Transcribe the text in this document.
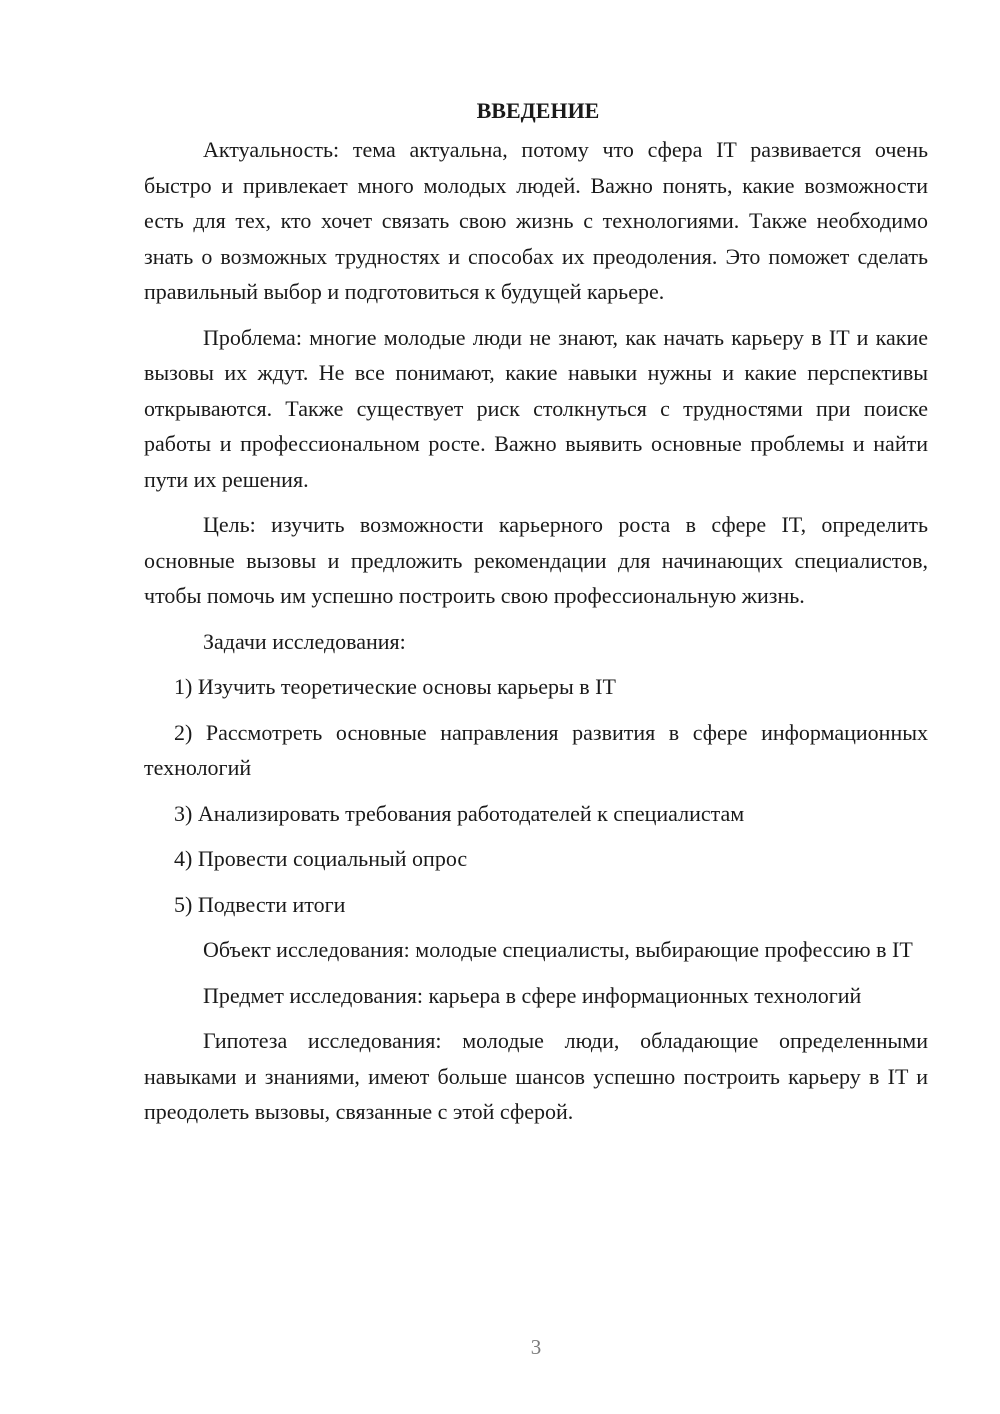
ВВЕДЕНИЕ

Актуальность: тема актуальна, потому что сфера IT развивается очень быстро и привлекает много молодых людей. Важно понять, какие возможности есть для тех, кто хочет связать свою жизнь с технологиями. Также необходимо знать о возможных трудностях и способах их преодоления. Это поможет сделать правильный выбор и подготовиться к будущей карьере.

Проблема: многие молодые люди не знают, как начать карьеру в IT и какие вызовы их ждут. Не все понимают, какие навыки нужны и какие перспективы открываются. Также существует риск столкнуться с трудностями при поиске работы и профессиональном росте. Важно выявить основные проблемы и найти пути их решения.

Цель: изучить возможности карьерного роста в сфере IT, определить основные вызовы и предложить рекомендации для начинающих специалистов, чтобы помочь им успешно построить свою профессиональную жизнь.

Задачи исследования:

1) Изучить теоретические основы карьеры в IT

2) Рассмотреть основные направления развития в сфере информационных технологий

3) Анализировать требования работодателей к специалистам

4) Провести социальный опрос

5) Подвести итоги

Объект исследования: молодые специалисты, выбирающие профессию в IT

Предмет исследования: карьера в сфере информационных технологий

Гипотеза исследования: молодые люди, обладающие определенными навыками и знаниями, имеют больше шансов успешно построить карьеру в IT и преодолеть вызовы, связанные с этой сферой.

3
